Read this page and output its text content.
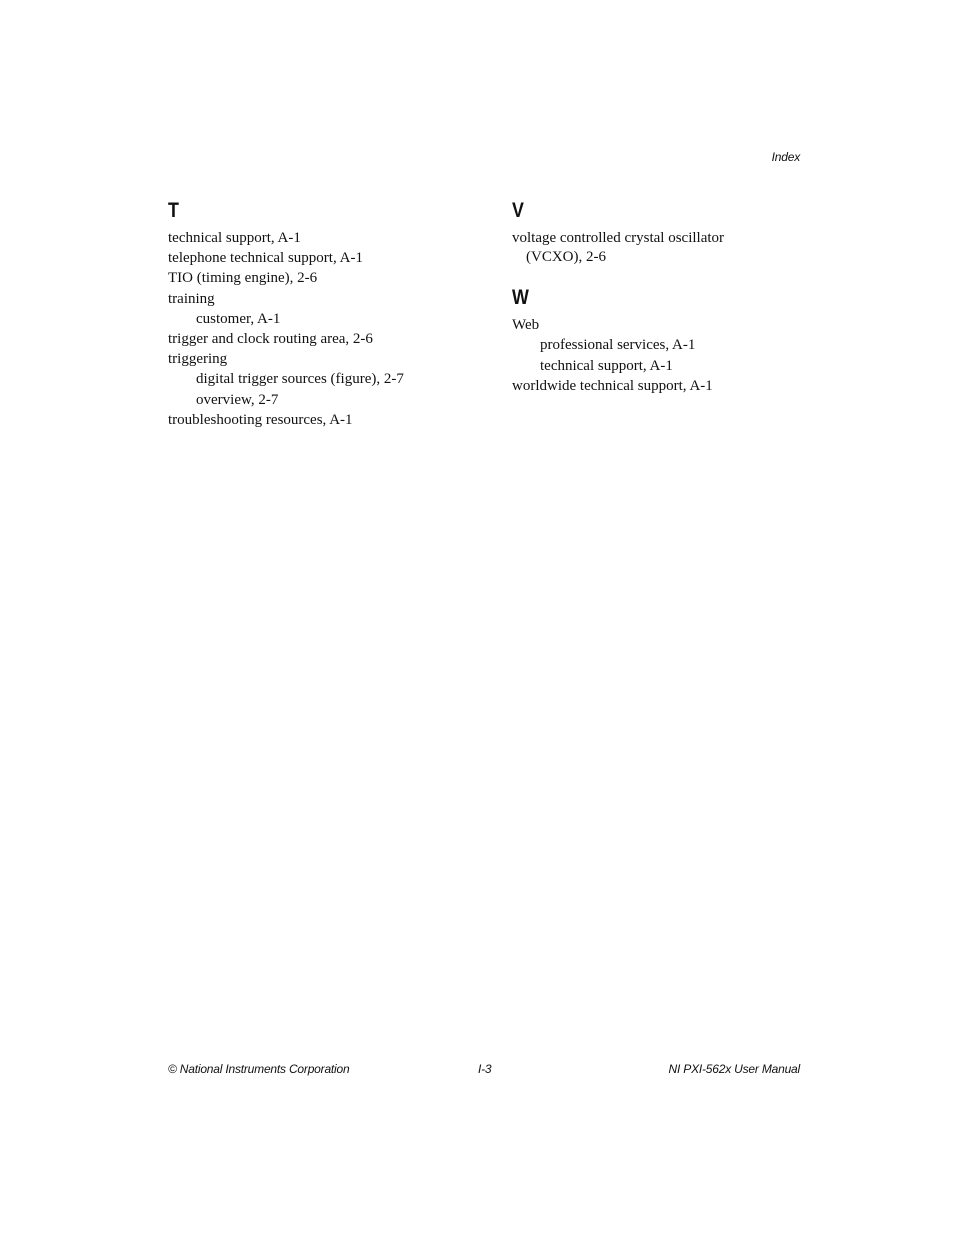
Index
T
technical support, A-1
telephone technical support, A-1
TIO (timing engine), 2-6
training
customer, A-1
trigger and clock routing area, 2-6
triggering
digital trigger sources (figure), 2-7
overview, 2-7
troubleshooting resources, A-1
V
voltage controlled crystal oscillator
(VCXO), 2-6
W
Web
professional services, A-1
technical support, A-1
worldwide technical support, A-1
© National Instruments Corporation	I-3	NI PXI-562x User Manual
